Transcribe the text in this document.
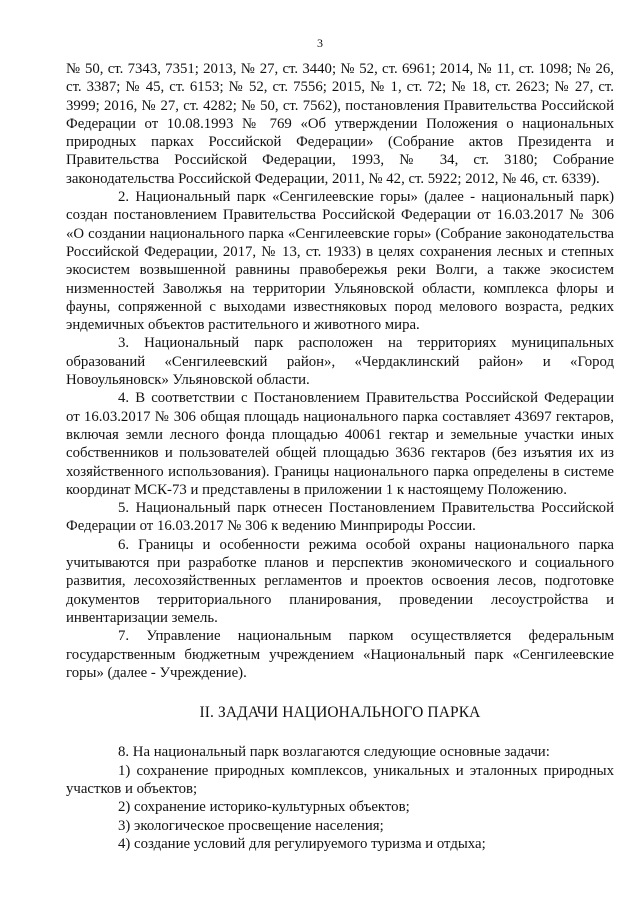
3

№ 50, ст. 7343, 7351; 2013, № 27, ст. 3440; № 52, ст. 6961; 2014, № 11, ст. 1098; № 26, ст. 3387; № 45, ст. 6153; № 52, ст. 7556; 2015, № 1, ст. 72; № 18, ст. 2623; № 27, ст. 3999; 2016, № 27, ст. 4282; № 50, ст. 7562), постановления Правительства Российской Федерации от 10.08.1993 № 769 «Об утверждении Положения о национальных природных парках Российской Федерации» (Собрание актов Президента и Правительства Российской Федерации, 1993, № 34, ст. 3180; Собрание законодательства Российской Федерации, 2011, № 42, ст. 5922; 2012, № 46, ст. 6339).

2. Национальный парк «Сенгилеевские горы» (далее - национальный парк) создан постановлением Правительства Российской Федерации от 16.03.2017 № 306 «О создании национального парка «Сенгилеевские горы» (Собрание законодательства Российской Федерации, 2017, № 13, ст. 1933) в целях сохранения лесных и степных экосистем возвышенной равнины правобережья реки Волги, а также экосистем низменностей Заволжья на территории Ульяновской области, комплекса флоры и фауны, сопряженной с выходами известняковых пород мелового возраста, редких эндемичных объектов растительного и животного мира.

3. Национальный парк расположен на территориях муниципальных образований «Сенгилеевский район», «Чердаклинский район» и «Город Новоульяновск» Ульяновской области.

4. В соответствии с Постановлением Правительства Российской Федерации от 16.03.2017 № 306 общая площадь национального парка составляет 43697 гектаров, включая земли лесного фонда площадью 40061 гектар и земельные участки иных собственников и пользователей общей площадью 3636 гектаров (без изъятия их из хозяйственного использования). Границы национального парка определены в системе координат МСК-73 и представлены в приложении 1 к настоящему Положению.

5. Национальный парк отнесен Постановлением Правительства Российской Федерации от 16.03.2017 № 306 к ведению Минприроды России.

6. Границы и особенности режима особой охраны национального парка учитываются при разработке планов и перспектив экономического и социального развития, лесохозяйственных регламентов и проектов освоения лесов, подготовке документов территориального планирования, проведении лесоустройства и инвентаризации земель.

7. Управление национальным парком осуществляется федеральным государственным бюджетным учреждением «Национальный парк «Сенгилеевские горы» (далее - Учреждение).

II. ЗАДАЧИ НАЦИОНАЛЬНОГО ПАРКА

8. На национальный парк возлагаются следующие основные задачи:

1) сохранение природных комплексов, уникальных и эталонных природных участков и объектов;

2) сохранение историко-культурных объектов;

3) экологическое просвещение населения;

4) создание условий для регулируемого туризма и отдыха;
